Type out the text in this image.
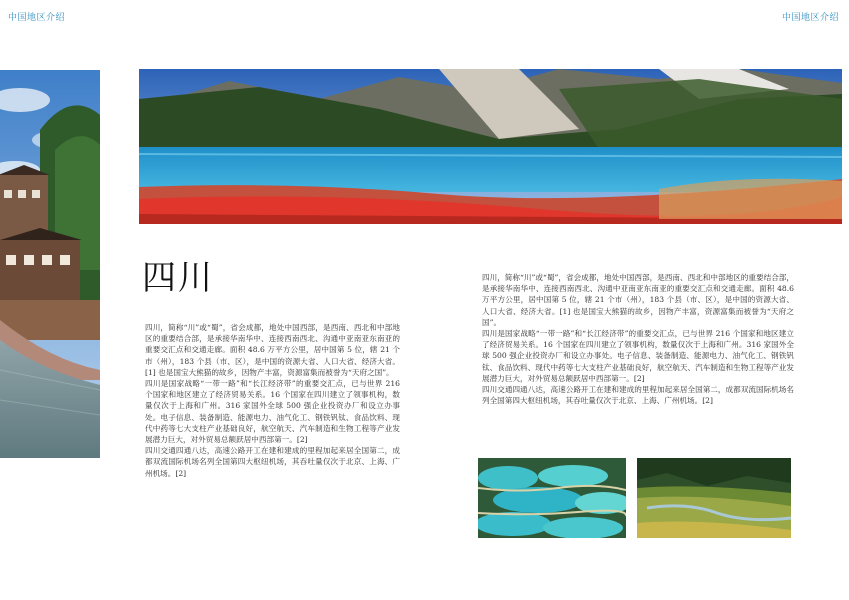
中国地区介绍	中国地区介绍
四川

四川，简称“川”或“蜀”，省会成都，地处中国西部，是西南、西北和中部地区的重要结合部，是承接华南华中、连接西南西北、沟通中亚南亚东南亚的重要交汇点和交通走廊。面积 48.6 万平方公里，居中国第 5 位，辖 21 个市（州），183 个县（市、区），是中国的资源大省、人口大省、经济大省。[1] 也是国宝大熊猫的故乡，因物产丰富，资源富集而被誉为“天府之国”。

四川是国家战略“一带一路”和“长江经济带”的重要交汇点，已与世界 216 个国家和地区建立了经济贸易关系。16 个国家在四川建立了领事机构，数量仅次于上海和广州。316 家国外全球 500 强企业投资办厂和设立办事处。电子信息、装备制造、能源电力、油气化工、钢铁钒钛、食品饮料、现代中药等七大支柱产业基础良好，航空航天、汽车制造和生物工程等产业发展潜力巨大，对外贸易总额跃居中西部第一。[2]

四川交通四通八达，高速公路开工在建和建成的里程加起来居全国第二，成都双流国际机场名列全国第四大枢纽机场，其吞吐量仅次于北京、上海、广州机场。[2]

四川，简称“川”或“蜀”，省会成都，地处中国西部，是西南、西北和中部地区的重要结合部，是承接华南华中、连接西南西北、沟通中亚南亚东南亚的重要交汇点和交通走廊。面积 48.6 万平方公里，居中国第 5 位，辖 21 个市（州），183 个县（市、区），是中国的资源大省、人口大省、经济大省。[1] 也是国宝大熊猫的故乡，因物产丰富，资源富集而被誉为“天府之国”。

四川是国家战略“一带一路”和“长江经济带”的重要交汇点，已与世界 216 个国家和地区建立了经济贸易关系。16 个国家在四川建立了领事机构，数量仅次于上海和广州。316 家国外全球 500 强企业投资办厂和设立办事处。电子信息、装备制造、能源电力、油气化工、钢铁钒钛、食品饮料、现代中药等七大支柱产业基础良好，航空航天、汽车制造和生物工程等产业发展潜力巨大，对外贸易总额跃居中西部第一。[2]

四川交通四通八达，高速公路开工在建和建成的里程加起来居全国第二，成都双流国际机场名列全国第四大枢纽机场，其吞吐量仅次于北京、上海、广州机场。[2]
